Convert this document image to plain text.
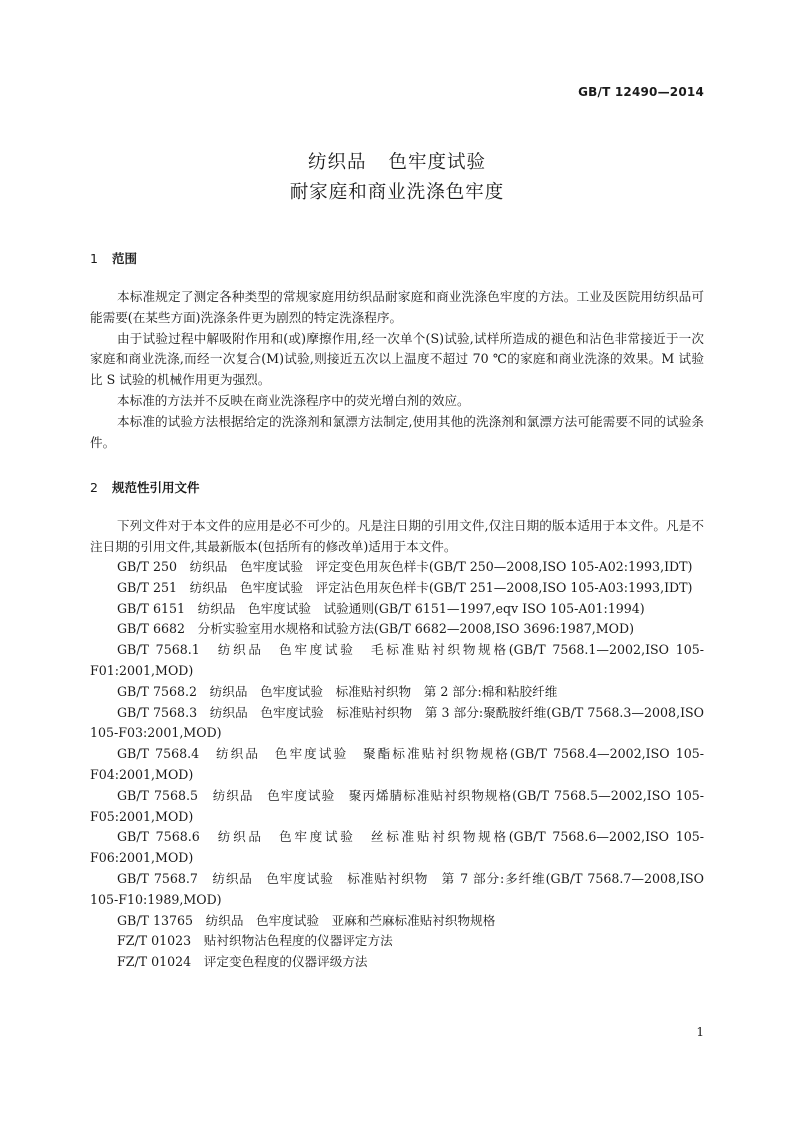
GB/T 12490—2014
纺织品 色牢度试验
耐家庭和商业洗涤色牢度
1 范围
本标准规定了测定各种类型的常规家庭用纺织品耐家庭和商业洗涤色牢度的方法。工业及医院用纺织品可能需要(在某些方面)洗涤条件更为剧烈的特定洗涤程序。
由于试验过程中解吸附作用和(或)摩擦作用,经一次单个(S)试验,试样所造成的褪色和沾色非常接近于一次家庭和商业洗涤,而经一次复合(M)试验,则接近五次以上温度不超过 70 ℃的家庭和商业洗涤的效果。M 试验比 S 试验的机械作用更为强烈。
本标准的方法并不反映在商业洗涤程序中的荧光增白剂的效应。
本标准的试验方法根据给定的洗涤剂和氯漂方法制定,使用其他的洗涤剂和氯漂方法可能需要不同的试验条件。
2 规范性引用文件
下列文件对于本文件的应用是必不可少的。凡是注日期的引用文件,仅注日期的版本适用于本文件。凡是不注日期的引用文件,其最新版本(包括所有的修改单)适用于本文件。
GB/T 250　 纺织品　色牢度试验　评定变色用灰色样卡(GB/T 250—2008,ISO 105-A02:1993,IDT)
GB/T 251　 纺织品　色牢度试验　评定沾色用灰色样卡(GB/T 251—2008,ISO 105-A03:1993,IDT)
GB/T 6151　 纺织品　色牢度试验　试验通则(GB/T 6151—1997,eqv ISO 105-A01:1994)
GB/T 6682　 分析实验室用水规格和试验方法(GB/T 6682—2008,ISO 3696:1987,MOD)
GB/T 7568.1　 纺织品　色牢度试验　毛标准贴衬织物规格(GB/T 7568.1—2002,ISO 105-F01:2001,MOD)
GB/T 7568.2　 纺织品　色牢度试验　标准贴衬织物　第 2 部分:棉和粘胶纤维
GB/T 7568.3　 纺织品　色牢度试验　标准贴衬织物　第 3 部分:聚酰胺纤维(GB/T 7568.3—2008,ISO 105-F03:2001,MOD)
GB/T 7568.4　 纺织品　色牢度试验　聚酯标准贴衬织物规格(GB/T 7568.4—2002,ISO 105-F04:2001,MOD)
GB/T 7568.5　 纺织品　色牢度试验　聚丙烯腈标准贴衬织物规格(GB/T 7568.5—2002,ISO 105-F05:2001,MOD)
GB/T 7568.6　 纺织品　色牢度试验　丝标准贴衬织物规格(GB/T 7568.6—2002,ISO 105-F06:2001,MOD)
GB/T 7568.7　 纺织品　色牢度试验　标准贴衬织物　第 7 部分:多纤维(GB/T 7568.7—2008,ISO 105-F10:1989,MOD)
GB/T 13765　 纺织品　色牢度试验　亚麻和苎麻标准贴衬织物规格
FZ/T 01023　 贴衬织物沾色程度的仪器评定方法
FZ/T 01024　 评定变色程度的仪器评级方法
1
